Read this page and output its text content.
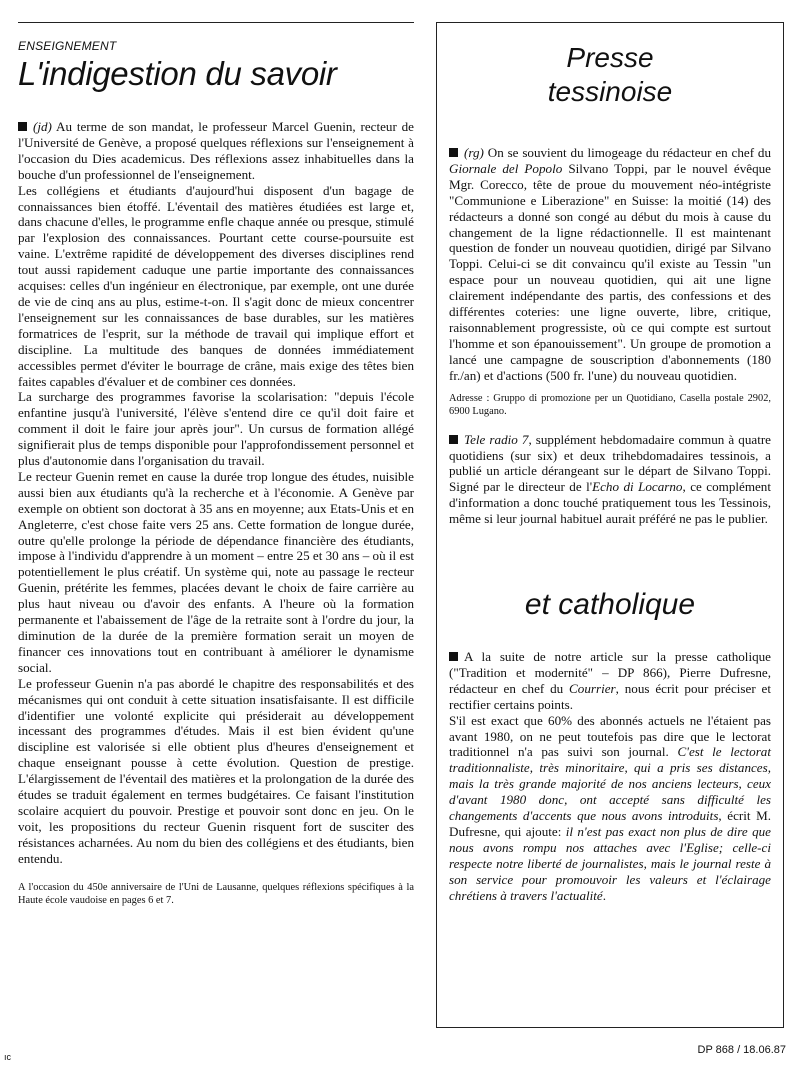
ENSEIGNEMENT
L'indigestion du savoir

(jd) Au terme de son mandat, le professeur Marcel Guenin, recteur de l'Université de Genève, a proposé quelques réflexions sur l'enseignement à l'occasion du Dies academicus. Des réflexions assez inhabituelles dans la bouche d'un professionnel de l'enseignement.

Les collégiens et étudiants d'aujourd'hui disposent d'un bagage de connaissances bien étoffé. L'éventail des matières étudiées est large et, dans chacune d'elles, le programme enfle chaque année ou presque, stimulé par l'explosion des connaissances. Pourtant cette course-poursuite est vaine. L'extrême rapidité de développement des diverses disciplines rend tout aussi rapidement caduque une partie importante des connaissances acquises: celles d'un ingénieur en électronique, par exemple, ont une durée de vie de cinq ans au plus, estime-t-on. Il s'agit donc de mieux concentrer l'enseignement sur les connaissances de base durables, sur les matières formatrices de l'esprit, sur la méthode de travail qui implique effort et discipline. La multitude des banques de données immédiatement accessibles permet d'éviter le bourrage de crâne, mais exige des têtes bien faites capables d'évaluer et de combiner ces données.

La surcharge des programmes favorise la scolarisation: "depuis l'école enfantine jusqu'à l'université, l'élève s'entend dire ce qu'il doit faire et comment il doit le faire jour après jour". Un cursus de formation allégé signifierait plus de temps disponible pour l'approfondissement personnel et plus d'autonomie dans l'organisation du travail.

Le recteur Guenin remet en cause la durée trop longue des études, nuisible aussi bien aux étudiants qu'à la recherche et à l'économie. A Genève par exemple on obtient son doctorat à 35 ans en moyenne; aux Etats-Unis et en Angleterre, c'est chose faite vers 25 ans. Cette formation de longue durée, outre qu'elle prolonge la période de dépendance financière des étudiants, impose à l'individu d'apprendre à un moment – entre 25 et 30 ans – où il est potentiellement le plus créatif. Un système qui, note au passage le recteur Guenin, prétérite les femmes, placées devant le choix de faire carrière au plus haut niveau ou d'avoir des enfants. A l'heure où la formation permanente et l'abaissement de l'âge de la retraite sont à l'ordre du jour, la diminution de la durée de la première formation serait un moyen de financer ces innovations tout en contribuant à améliorer le dynamisme social.

Le professeur Guenin n'a pas abordé le chapitre des responsabilités et des mécanismes qui ont conduit à cette situation insatisfaisante. Il est difficile d'identifier une volonté explicite qui présiderait au développement incessant des programmes d'études. Mais il est bien évident qu'une discipline est valorisée si elle obtient plus d'heures d'enseignement et chaque enseignant pousse à cette évolution. Question de prestige. L'élargissement de l'éventail des matières et la prolongation de la durée des études se traduit également en termes budgétaires. Ce faisant l'institution scolaire acquiert du pouvoir. Prestige et pouvoir sont donc en jeu. On le voit, les propositions du recteur Guenin risquent fort de susciter des résistances acharnées. Au nom du bien des collégiens et des étudiants, bien entendu.

A l'occasion du 450e anniversaire de l'Uni de Lausanne, quelques réflexions spécifiques à la Haute école vaudoise en pages 6 et 7.

Presse
tessinoise

(rg) On se souvient du limogeage du rédacteur en chef du Giornale del Popolo Silvano Toppi, par le nouvel évêque Mgr. Corecco, tête de proue du mouvement néo-intégriste "Communione e Liberazione" en Suisse: la moitié (14) des rédacteurs a donné son congé au début du mois à cause du changement de la ligne rédactionnelle. Il est maintenant question de fonder un nouveau quotidien, dirigé par Silvano Toppi. Celui-ci se dit convaincu qu'il existe au Tessin "un espace pour un nouveau quotidien, qui ait une ligne clairement indépendante des partis, des confessions et des différentes coteries: une ligne ouverte, libre, critique, raisonnablement progressiste, où ce qui compte est surtout l'homme et son épanouissement". Un groupe de promotion a lancé une campagne de souscription d'abonnements (180 fr./an) et d'actions (500 fr. l'une) du nouveau quotidien.

Adresse : Gruppo di promozione per un Quotidiano, Casella postale 2902, 6900 Lugano.

Tele radio 7, supplément hebdomadaire commun à quatre quotidiens (sur six) et deux trihebdomadaires tessinois, a publié un article dérangeant sur le départ de Silvano Toppi. Signé par le directeur de l'Echo di Locarno, ce complément d'information a donc touché pratiquement tous les Tessinois, même si leur journal habituel aurait préféré ne pas le publier.

et catholique

A la suite de notre article sur la presse catholique ("Tradition et modernité" – DP 866), Pierre Dufresne, rédacteur en chef du Courrier, nous écrit pour préciser et rectifier certains points.

S'il est exact que 60% des abonnés actuels ne l'étaient pas avant 1980, on ne peut toutefois pas dire que le lectorat traditionnel n'a pas suivi son journal. C'est le lectorat traditionnaliste, très minoritaire, qui a pris ses distances, mais la très grande majorité de nos anciens lecteurs, ceux d'avant 1980 donc, ont accepté sans difficulté les changements d'accents que nous avons introduits, écrit M. Dufresne, qui ajoute: il n'est pas exact non plus de dire que nous avons rompu nos attaches avec l'Eglise; celle-ci respecte notre liberté de journalistes, mais le journal reste à son service pour promouvoir les valeurs et l'éclairage chrétiens à travers l'actualité.

DP 868 / 18.06.87
ıc
